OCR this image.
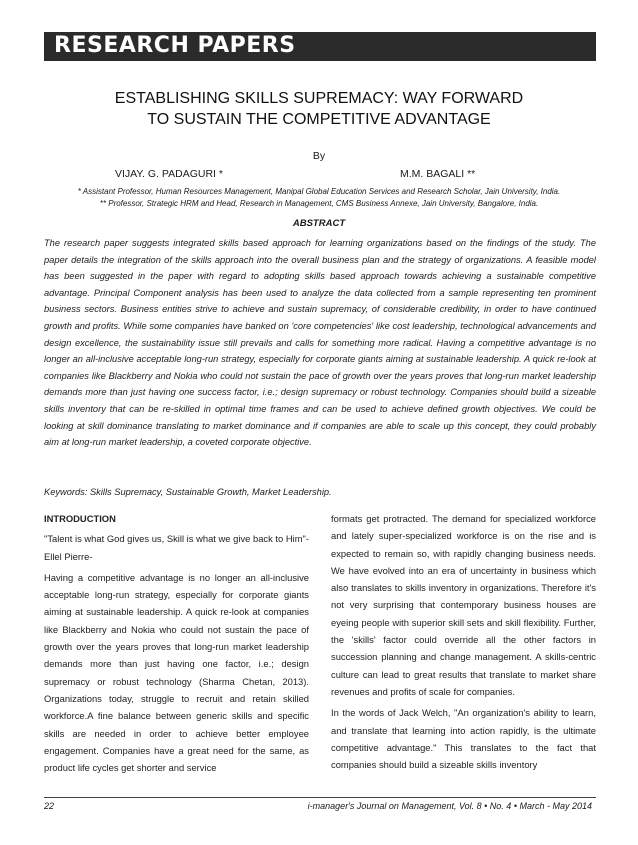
RESEARCH PAPERS
ESTABLISHING SKILLS SUPREMACY: WAY FORWARD
TO SUSTAIN THE COMPETITIVE ADVANTAGE
By
VIJAY. G. PADAGURI *	M.M. BAGALI **
* Assistant Professor, Human Resources Management, Manipal Global Education Services and Research Scholar, Jain University, India.
** Professor, Strategic HRM and Head, Research in Management, CMS Business Annexe, Jain University, Bangalore, India.
ABSTRACT
The research paper suggests integrated skills based approach for learning organizations based on the findings of the study. The paper details the integration of the skills approach into the overall business plan and the strategy of organizations. A feasible model has been suggested in the paper with regard to adopting skills based approach towards achieving a sustainable competitive advantage. Principal Component analysis has been used to analyze the data collected from a sample representing ten prominent business sectors. Business entities strive to achieve and sustain supremacy, of considerable credibility, in order to have continued growth and profits. While some companies have banked on 'core competencies' like cost leadership, technological advancements and design excellence, the sustainability issue still prevails and calls for something more radical. Having a competitive advantage is no longer an all-inclusive acceptable long-run strategy, especially for corporate giants aiming at sustainable leadership. A quick re-look at companies like Blackberry and Nokia who could not sustain the pace of growth over the years proves that long-run market leadership demands more than just having one success factor, i.e.; design supremacy or robust technology. Companies should build a sizeable skills inventory that can be re-skilled in optimal time frames and can be used to achieve defined growth objectives. We could be looking at skill dominance translating to market dominance and if companies are able to scale up this concept, they could probably aim at long-run market leadership, a coveted corporate objective.
Keywords: Skills Supremacy, Sustainable Growth, Market Leadership.
INTRODUCTION

"Talent is what God gives us, Skill is what we give back to Him"-Ellel Pierre-

Having a competitive advantage is no longer an all-inclusive acceptable long-run strategy, especially for corporate giants aiming at sustainable leadership. A quick re-look at companies like Blackberry and Nokia who could not sustain the pace of growth over the years proves that long-run market leadership demands more than just having one factor, i.e.; design supremacy or robust technology (Sharma Chetan, 2013). Organizations today, struggle to recruit and retain skilled workforce.A fine balance between generic skills and specific skills are needed in order to achieve better employee engagement. Companies have a great need for the same, as product life cycles get shorter and service

formats get protracted. The demand for specialized workforce and lately super-specialized workforce is on the rise and is expected to remain so, with rapidly changing business needs. We have evolved into an era of uncertainty in business which also translates to skills inventory in organizations. Therefore it's not very surprising that contemporary business houses are eyeing people with superior skill sets and skill flexibility. Further, the 'skills' factor could override all the other factors in succession planning and change management. A skills-centric culture can lead to great results that translate to market share revenues and profits of scale for companies.

In the words of Jack Welch, "An organization's ability to learn, and translate that learning into action rapidly, is the ultimate competitive advantage." This translates to the fact that companies should build a sizeable skills inventory

22	i-manager's Journal on Management, Vol. 8 • No. 4 • March - May 2014
